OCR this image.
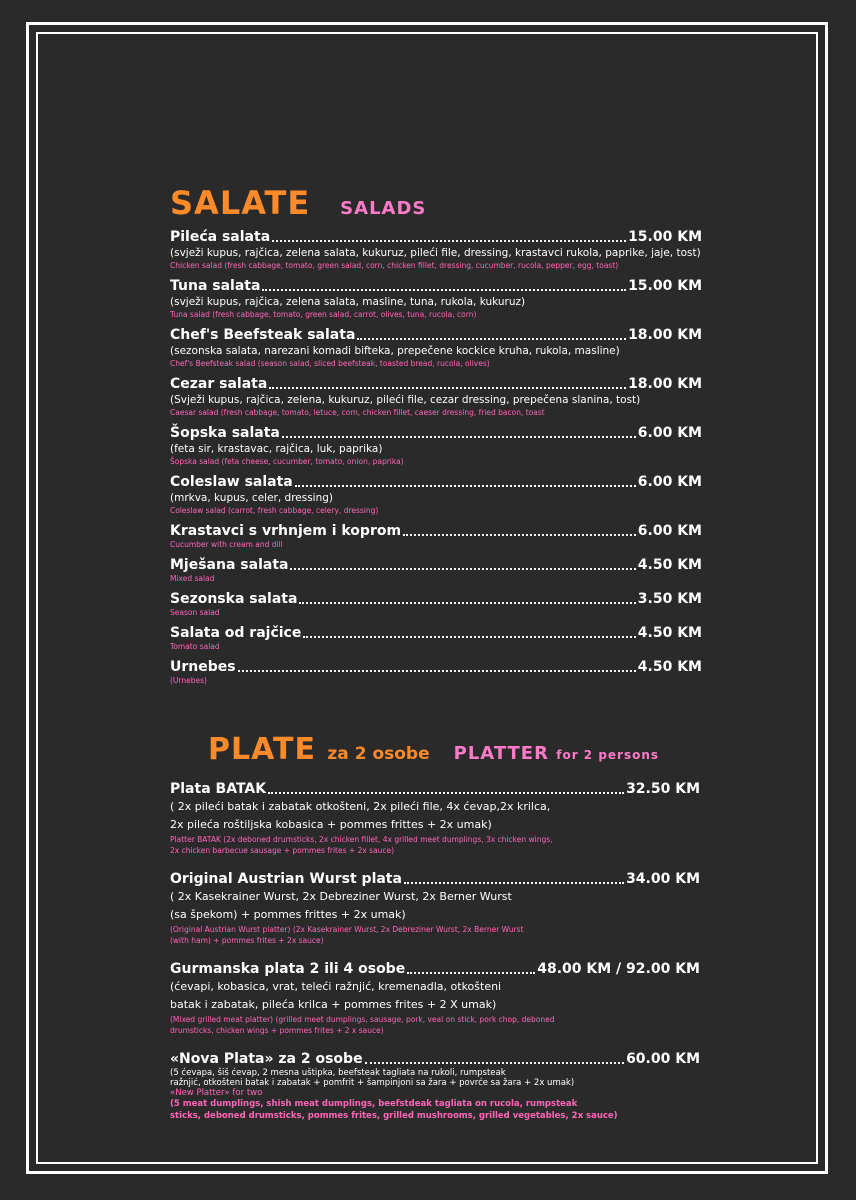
SALATE SALADS
Pileća salata	15.00 KM
(svježi kupus, rajčica, zelena salata, kukuruz, pileći file, dressing, krastavci rukola, paprike, jaje, tost)
Chicken salad (fresh cabbage, tomato, green salad, corn, chicken fillet, dressing, cucumber, rucola, pepper, egg, toast)
Tuna salata	15.00 KM
(svježi kupus, rajčica, zelena salata, masline, tuna, rukola, kukuruz)
Tuna salad (fresh cabbage, tomato, green salad, carrot, olives, tuna, rucola, corn)
Chef's Beefsteak salata	18.00 KM
(sezonska salata, narezani komadi bifteka, prepečene kockice kruha, rukola, masline)
Chef's Beefsteak salad (season salad, sliced beefsteak, toasted bread, rucola, olives)
Cezar salata	18.00 KM
(Svježi kupus, rajčica, zelena, kukuruz, pileći file, cezar dressing, prepečena slanina, tost)
Caesar salad (fresh cabbage, tomato, letuce, corn, chicken fillet, caeser dressing, fried bacon, toast
Šopska salata	6.00 KM
(feta sir, krastavac, rajčica, luk, paprika)
Šopska salad (feta cheese, cucumber, tomato, onion, paprika)
Coleslaw salata	6.00 KM
(mrkva, kupus, celer, dressing)
Coleslaw salad (carrot, fresh cabbage, celery, dressing)
Krastavci s vrhnjem i koprom	6.00 KM
Cucumber with cream and dill
Mješana salata	4.50 KM
Mixed salad
Sezonska salata	3.50 KM
Season salad
Salata od rajčice	4.50 KM
Tomato salad
Urnebes	4.50 KM
(Urnebes)
PLATE za 2 osobe PLATTER for 2 persons
Plata BATAK	32.50 KM
( 2x pileći batak i zabatak otkošteni, 2x pileći file, 4x ćevap,2x krilca,
2x pileća roštiljska kobasica + pommes frittes + 2x umak)
Platter BATAK (2x deboned drumsticks, 2x chicken fillet, 4x grilled meet dumplings, 3x chicken wings,
2x chicken barbecue sausage + pommes frites + 2x sauce)
Original Austrian Wurst plata	34.00 KM
( 2x Kasekrainer Wurst, 2x Debreziner Wurst, 2x Berner Wurst
(sa špekom) + pommes frittes + 2x umak)
(Original Austrian Wurst platter) (2x Kasekrainer Wurst, 2x Debreziner Wurst, 2x Berner Wurst
(with ham) + pommes frites + 2x sauce)
Gurmanska plata 2 ili 4 osobe	48.00 KM / 92.00 KM
(ćevapi, kobasica, vrat, teleći ražnjić, kremenadla, otkošteni
batak i zabatak, pileća krilca + pommes frites + 2 X umak)
(Mixed grilled meat platter) (grilled meet dumplings, sausage, pork, veal on stick, pork chop, deboned
drumsticks, chicken wings + pommes frites + 2 x sauce)
«Nova Plata» za 2 osobe	60.00 KM
(5 ćevapa, šiš ćevap, 2 mesna uštipka, beefsteak tagliata na rukoli, rumpsteak
ražnjić, otkošteni batak i zabatak + pomfrit + šampinjoni sa žara + povrće sa žara + 2x umak)
«New Platter» for two
(5 meat dumplings, shish meat dumplings, beefstdeak tagliata on rucola, rumpsteak
sticks, deboned drumsticks, pommes frites, grilled mushrooms, grilled vegetables, 2x sauce)
